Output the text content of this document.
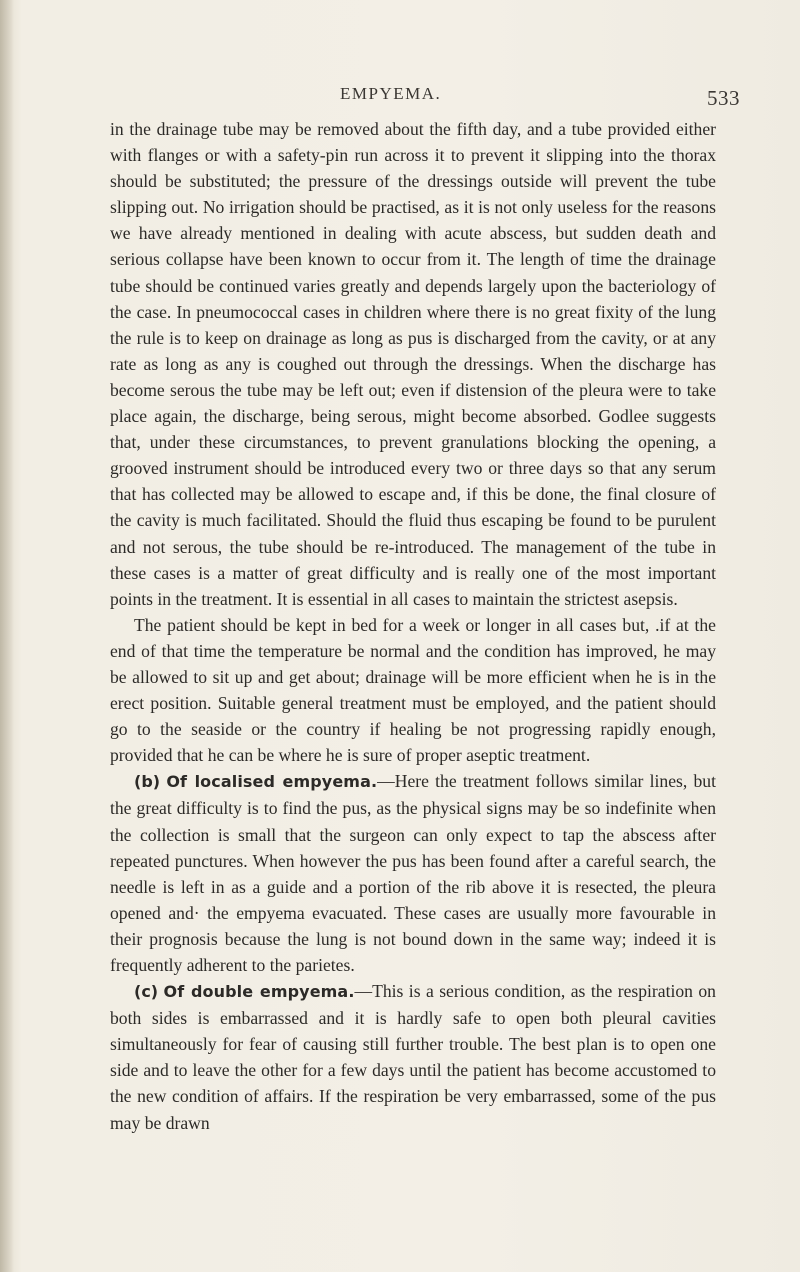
EMPYEMA.	533

in the drainage tube may be removed about the fifth day, and a tube provided either with flanges or with a safety-pin run across it to prevent it slipping into the thorax should be substituted; the pressure of the dressings outside will prevent the tube slipping out. No irrigation should be practised, as it is not only useless for the reasons we have already mentioned in dealing with acute abscess, but sudden death and serious collapse have been known to occur from it. The length of time the drainage tube should be continued varies greatly and depends largely upon the bacteriology of the case. In pneumococcal cases in children where there is no great fixity of the lung the rule is to keep on drainage as long as pus is discharged from the cavity, or at any rate as long as any is coughed out through the dressings. When the discharge has become serous the tube may be left out; even if distension of the pleura were to take place again, the discharge, being serous, might become absorbed. Godlee suggests that, under these circumstances, to prevent granulations blocking the opening, a grooved instrument should be introduced every two or three days so that any serum that has collected may be allowed to escape and, if this be done, the final closure of the cavity is much facilitated. Should the fluid thus escaping be found to be purulent and not serous, the tube should be re-introduced. The management of the tube in these cases is a matter of great difficulty and is really one of the most important points in the treatment. It is essential in all cases to maintain the strictest asepsis.

The patient should be kept in bed for a week or longer in all cases but, .if at the end of that time the temperature be normal and the condition has improved, he may be allowed to sit up and get about; drainage will be more efficient when he is in the erect position. Suitable general treatment must be employed, and the patient should go to the seaside or the country if healing be not progressing rapidly enough, provided that he can be where he is sure of proper aseptic treatment.

(b) Of localised empyema.—Here the treatment follows similar lines, but the great difficulty is to find the pus, as the physical signs may be so indefinite when the collection is small that the surgeon can only expect to tap the abscess after repeated punctures. When however the pus has been found after a careful search, the needle is left in as a guide and a portion of the rib above it is resected, the pleura opened and· the empyema evacuated. These cases are usually more favourable in their prognosis because the lung is not bound down in the same way; indeed it is frequently adherent to the parietes.

(c) Of double empyema.—This is a serious condition, as the respiration on both sides is embarrassed and it is hardly safe to open both pleural cavities simultaneously for fear of causing still further trouble. The best plan is to open one side and to leave the other for a few days until the patient has become accustomed to the new condition of affairs. If the respiration be very embarrassed, some of the pus may be drawn
